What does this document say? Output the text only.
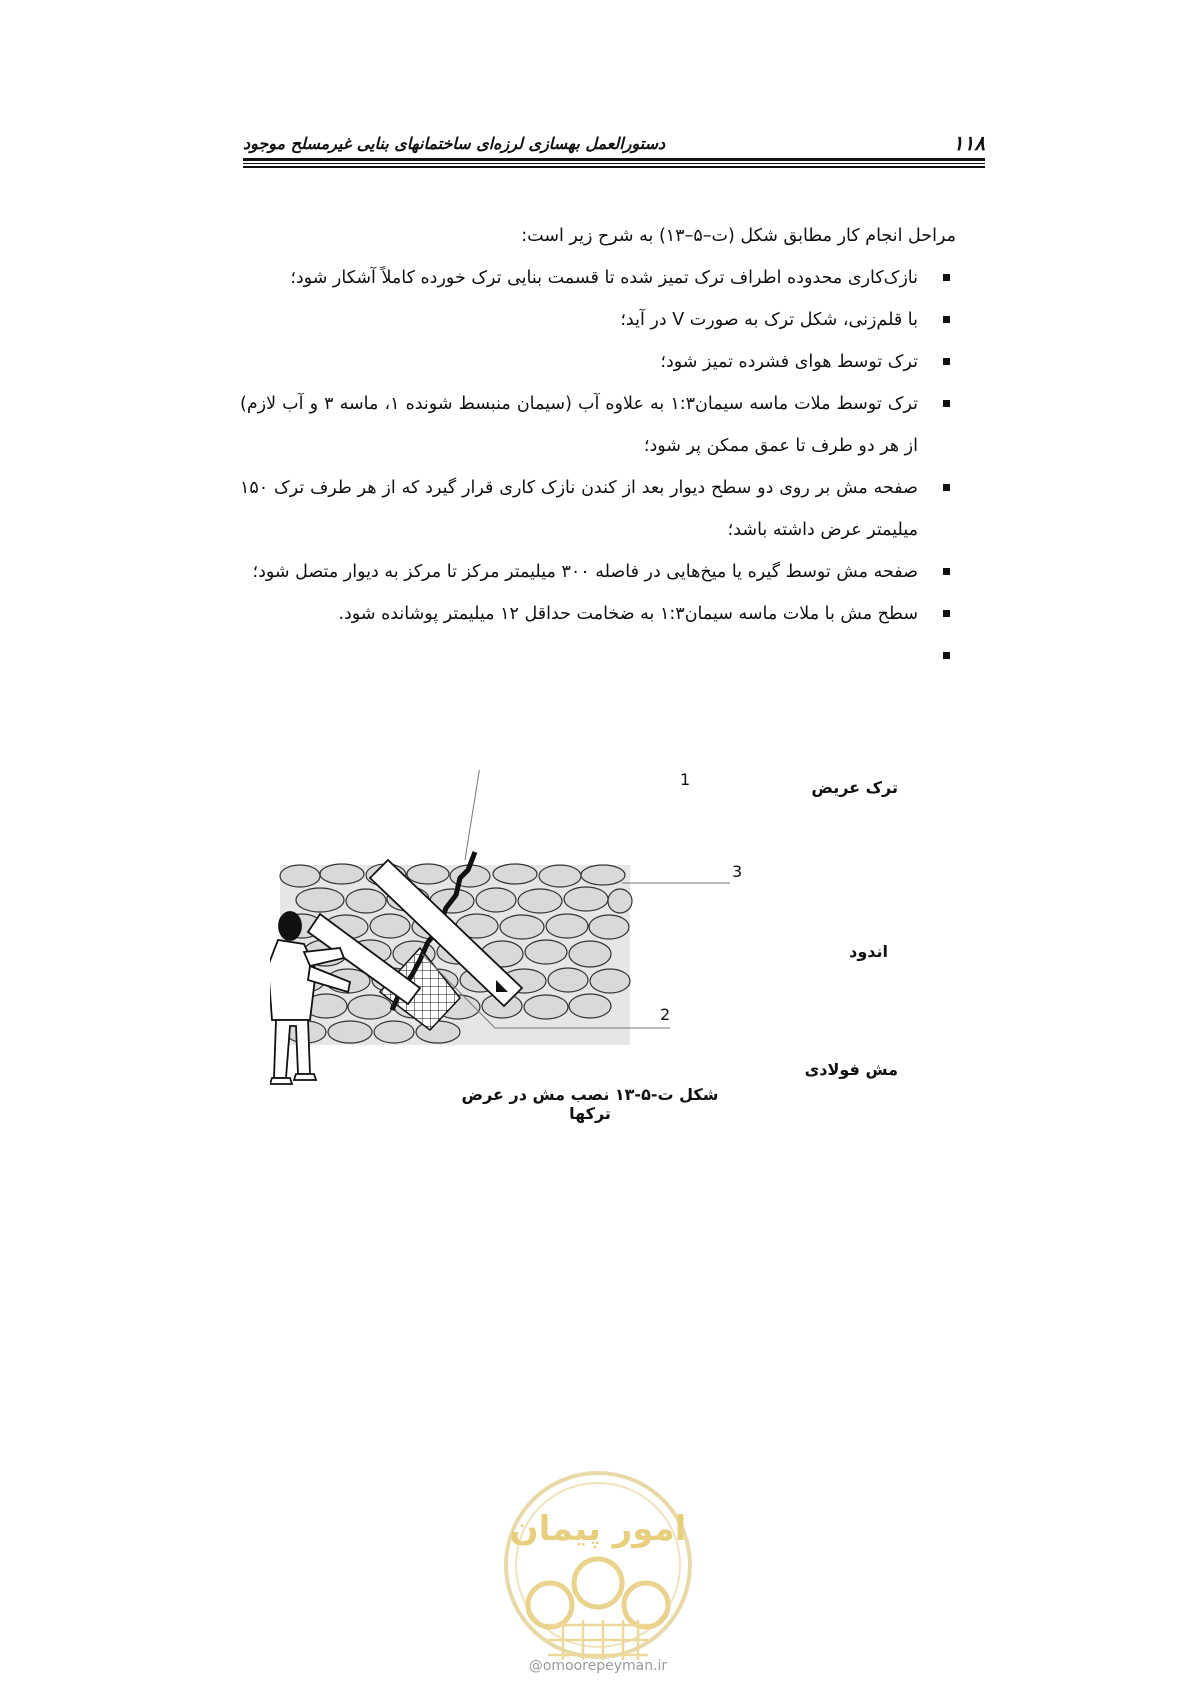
۱۱۸
دستورالعمل بهسازی لرزه‌ای ساختمانهای بنایی غیرمسلح موجود

مراحل انجام کار مطابق شکل (ت–۵–۱۳) به شرح زیر است:

نازک‌کاری محدوده اطراف ترک تمیز شده تا قسمت بنایی ترک خورده کاملاً آشکار شود؛
با قلم‌زنی، شکل ترک به صورت V در آید؛
ترک توسط هوای فشرده تمیز شود؛
ترک توسط ملات ماسه سیمان۱:۳ به علاوه آب (سیمان منبسط شونده ۱، ماسه ۳ و آب لازم) از هر دو طرف تا عمق ممکن پر شود؛
صفحه مش بر روی دو سطح دیوار بعد از کندن نازک کاری قرار گیرد که از هر طرف ترک ۱۵۰ میلیمتر عرض داشته باشد؛
صفحه مش توسط گیره یا میخ‌هایی در فاصله ۳۰۰ میلیمتر مرکز تا مرکز به دیوار متصل شود؛
سطح مش با ملات ماسه سیمان۱:۳ به ضخامت حداقل ۱۲ میلیمتر پوشانده شود.

3
2
ترک عریض
1
اندود
مش فولادی
شکل ت-۵-۱۳ نصب مش در عرض ترکها
امور پیمان
@omoorepeyman.ir
